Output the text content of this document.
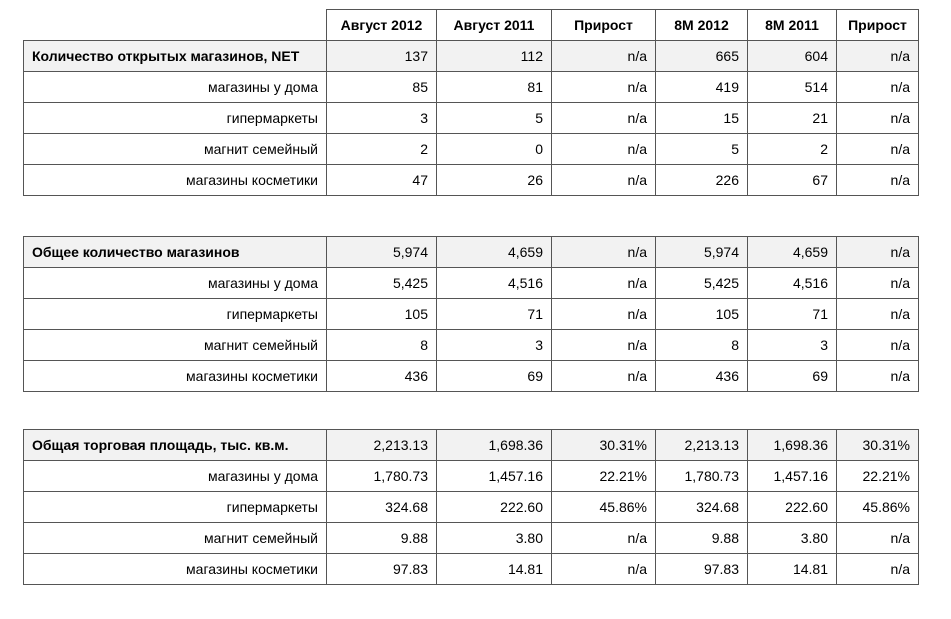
	Август 2012	Август 2011	Прирост	8M 2012	8M 2011	Прирост
Количество открытых магазинов, NET	137	112	n/a	665	604	n/a
магазины у дома	85	81	n/a	419	514	n/a
гипермаркеты	3	5	n/a	15	21	n/a
магнит семейный	2	0	n/a	5	2	n/a
магазины косметики	47	26	n/a	226	67	n/a
Общее количество магазинов	5,974	4,659	n/a	5,974	4,659	n/a
магазины у дома	5,425	4,516	n/a	5,425	4,516	n/a
гипермаркеты	105	71	n/a	105	71	n/a
магнит семейный	8	3	n/a	8	3	n/a
магазины косметики	436	69	n/a	436	69	n/a
Общая торговая площадь, тыс. кв.м.	2,213.13	1,698.36	30.31%	2,213.13	1,698.36	30.31%
магазины у дома	1,780.73	1,457.16	22.21%	1,780.73	1,457.16	22.21%
гипермаркеты	324.68	222.60	45.86%	324.68	222.60	45.86%
магнит семейный	9.88	3.80	n/a	9.88	3.80	n/a
магазины косметики	97.83	14.81	n/a	97.83	14.81	n/a
